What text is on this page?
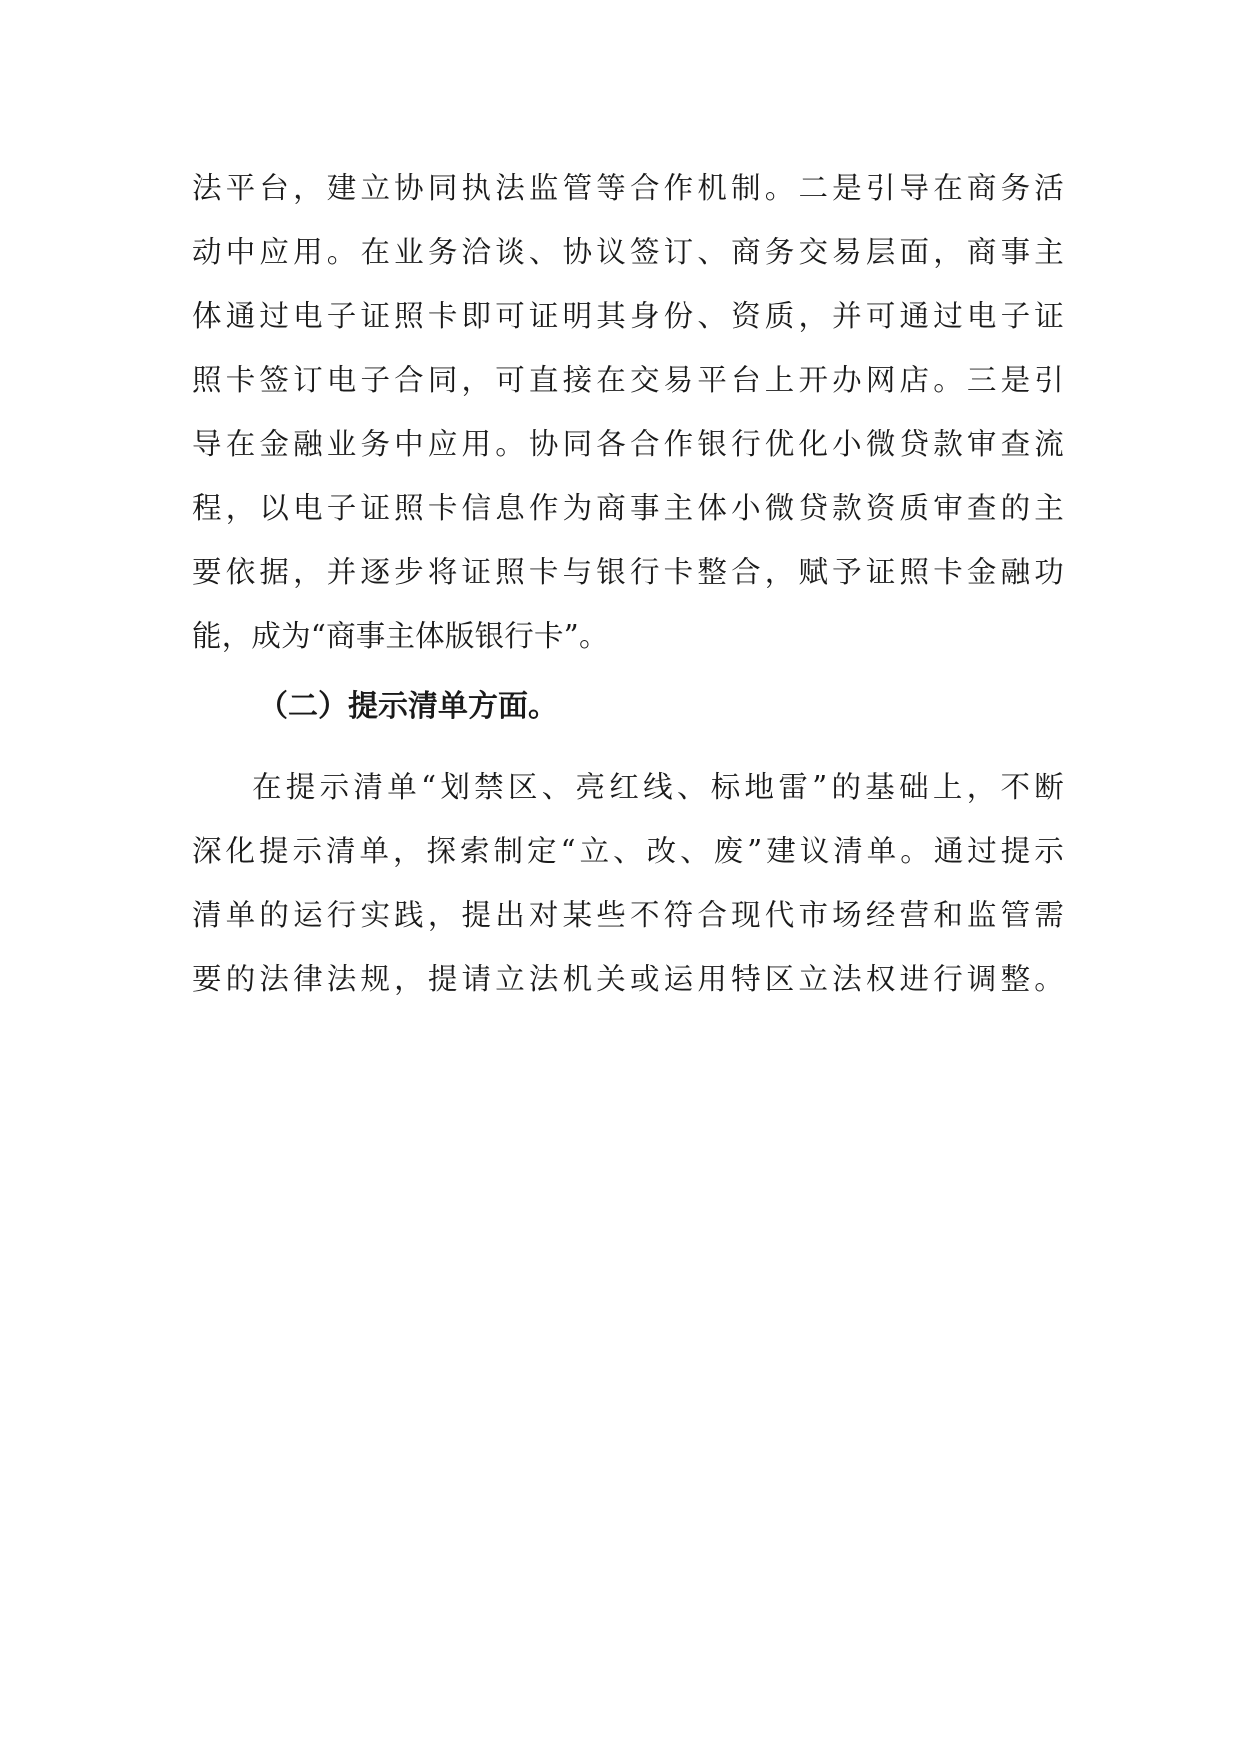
法平台，建立协同执法监管等合作机制。二是引导在商务活
动中应用。在业务洽谈、协议签订、商务交易层面，商事主
体通过电子证照卡即可证明其身份、资质，并可通过电子证
照卡签订电子合同，可直接在交易平台上开办网店。三是引
导在金融业务中应用。协同各合作银行优化小微贷款审查流
程，以电子证照卡信息作为商事主体小微贷款资质审查的主
要依据，并逐步将证照卡与银行卡整合，赋予证照卡金融功
能，成为“商事主体版银行卡”。
（二）提示清单方面。
在提示清单“划禁区、亮红线、标地雷”的基础上，不断
深化提示清单，探索制定“立、改、废”建议清单。通过提示
清单的运行实践，提出对某些不符合现代市场经营和监管需
要的法律法规，提请立法机关或运用特区立法权进行调整。
